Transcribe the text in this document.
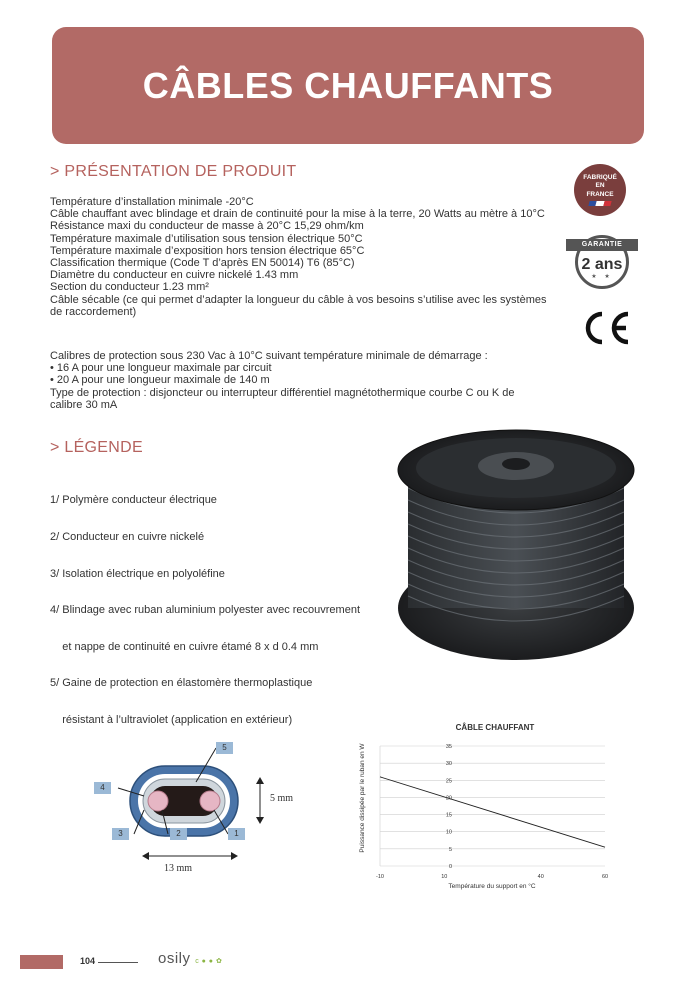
CÂBLES CHAUFFANTS
> PRÉSENTATION DE PRODUIT

Température d’installation minimale -20°C

Câble chauffant avec blindage et drain de continuité pour la mise à la terre, 20 Watts au mètre à 10°C

Résistance maxi du conducteur de masse à 20°C 15,29 ohm/km

Température maximale d’utilisation sous tension électrique 50°C

Température maximale d’exposition hors tension électrique 65°C

Classification thermique (Code T d’après EN 50014) T6 (85°C)

Diamètre du conducteur en cuivre nickelé 1.43 mm

Section du conducteur 1.23 mm²

Câble sécable (ce qui permet d’adapter la longueur du câble à vos besoins s’utilise avec les systèmes de raccordement)

Calibres de protection sous 230 Vac à 10°C suivant température minimale de démarrage :

• 16 A pour une longueur maximale par circuit

• 20 A pour une longueur maximale de 140 m

Type de protection : disjoncteur ou interrupteur différentiel magnétothermique courbe C ou K de calibre 30 mA

FABRIQUÉ
EN
FRANCE
2 ans
GARANTIE
★ ★
> LÉGENDE

1/ Polymère conducteur électrique

2/ Conducteur en cuivre nickelé

3/ Isolation électrique en polyoléfine

4/ Blindage avec ruban aluminium polyester avec recouvrement

et nappe de continuité en cuivre étamé 8 x d 0.4 mm

5/ Gaine de protection en élastomère thermoplastique

résistant à l’ultraviolet (application en extérieur)

5
4
3	2	1
5 mm
13 mm
CÂBLE CHAUFFANT
Puissance dissipée par le ruban en W
Température du support en °C
0
5
10
15
20
25
30
35
-10	10	40	60
104	osily c ● ● ✿
